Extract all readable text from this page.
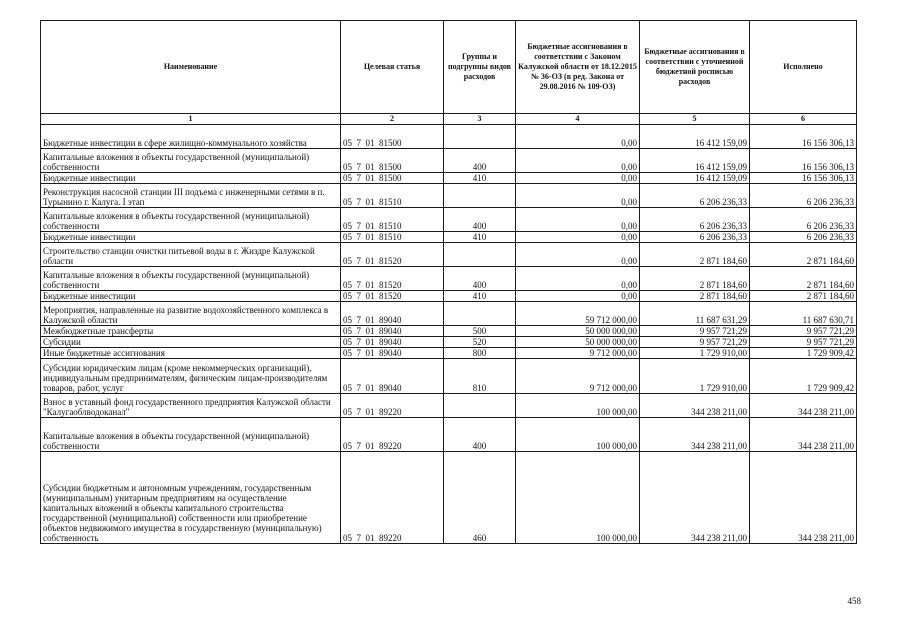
Наименование	Целевая статья	Группы и подгруппы видов расходов	Бюджетные ассигнования в соответствии с Законом Калужской области от 18.12.2015 № 36-ОЗ (в ред. Закона от 29.08.2016 № 109-ОЗ)	Бюджетные ассигнования в соответствии с уточненной бюджетной росписью расходов	Исполнено
1	2	3	4	5	6
Бюджетные инвестиции в сфере жилищно-коммунального хозяйства	05  7  01  81500		0,00	16 412 159,09	16 156 306,13
Капитальные вложения в объекты государственной (муниципальной) собственности	05  7  01  81500	400	0,00	16 412 159,09	16 156 306,13
Бюджетные инвестиции	05  7  01  81500	410	0,00	16 412 159,09	16 156 306,13
Реконструкция насосной станции III подъема с инженерными сетями в п. Турынино г. Калуга. I этап	05  7  01  81510		0,00	6 206 236,33	6 206 236,33
Капитальные вложения в объекты государственной (муниципальной) собственности	05  7  01  81510	400	0,00	6 206 236,33	6 206 236,33
Бюджетные инвестиции	05  7  01  81510	410	0,00	6 206 236,33	6 206 236,33
Строительство станции очистки питьевой воды в г. Жиздре Калужской области	05  7  01  81520		0,00	2 871 184,60	2 871 184,60
Капитальные вложения в объекты государственной (муниципальной) собственности	05  7  01  81520	400	0,00	2 871 184,60	2 871 184,60
Бюджетные инвестиции	05  7  01  81520	410	0,00	2 871 184,60	2 871 184,60
Мероприятия, направленные на развитие водохозяйственного комплекса в Калужской области	05  7  01  89040		59 712 000,00	11 687 631,29	11 687 630,71
Межбюджетные трансферты	05  7  01  89040	500	50 000 000,00	9 957 721,29	9 957 721,29
Субсидии	05  7  01  89040	520	50 000 000,00	9 957 721,29	9 957 721,29
Иные бюджетные ассигнования	05  7  01  89040	800	9 712 000,00	1 729 910,00	1 729 909,42
Субсидии юридическим лицам (кроме некоммерческих организаций), индивидуальным предпринимателям, физическим лицам-производителям товаров, работ, услуг	05  7  01  89040	810	9 712 000,00	1 729 910,00	1 729 909,42
Взнос в уставный фонд государственного предприятия Калужской области "Калугаоблводоканал"	05  7  01  89220		100 000,00	344 238 211,00	344 238 211,00
Капитальные вложения в объекты государственной (муниципальной) собственности	05  7  01  89220	400	100 000,00	344 238 211,00	344 238 211,00
Субсидии бюджетным и автономным учреждениям, государственным (муниципальным) унитарным предприятиям на осуществление капитальных вложений в объекты капитального строительства государственной (муниципальной) собственности или приобретение объектов недвижимого имущества в государственную (муниципальную) собственность	05  7  01  89220	460	100 000,00	344 238 211,00	344 238 211,00
458
